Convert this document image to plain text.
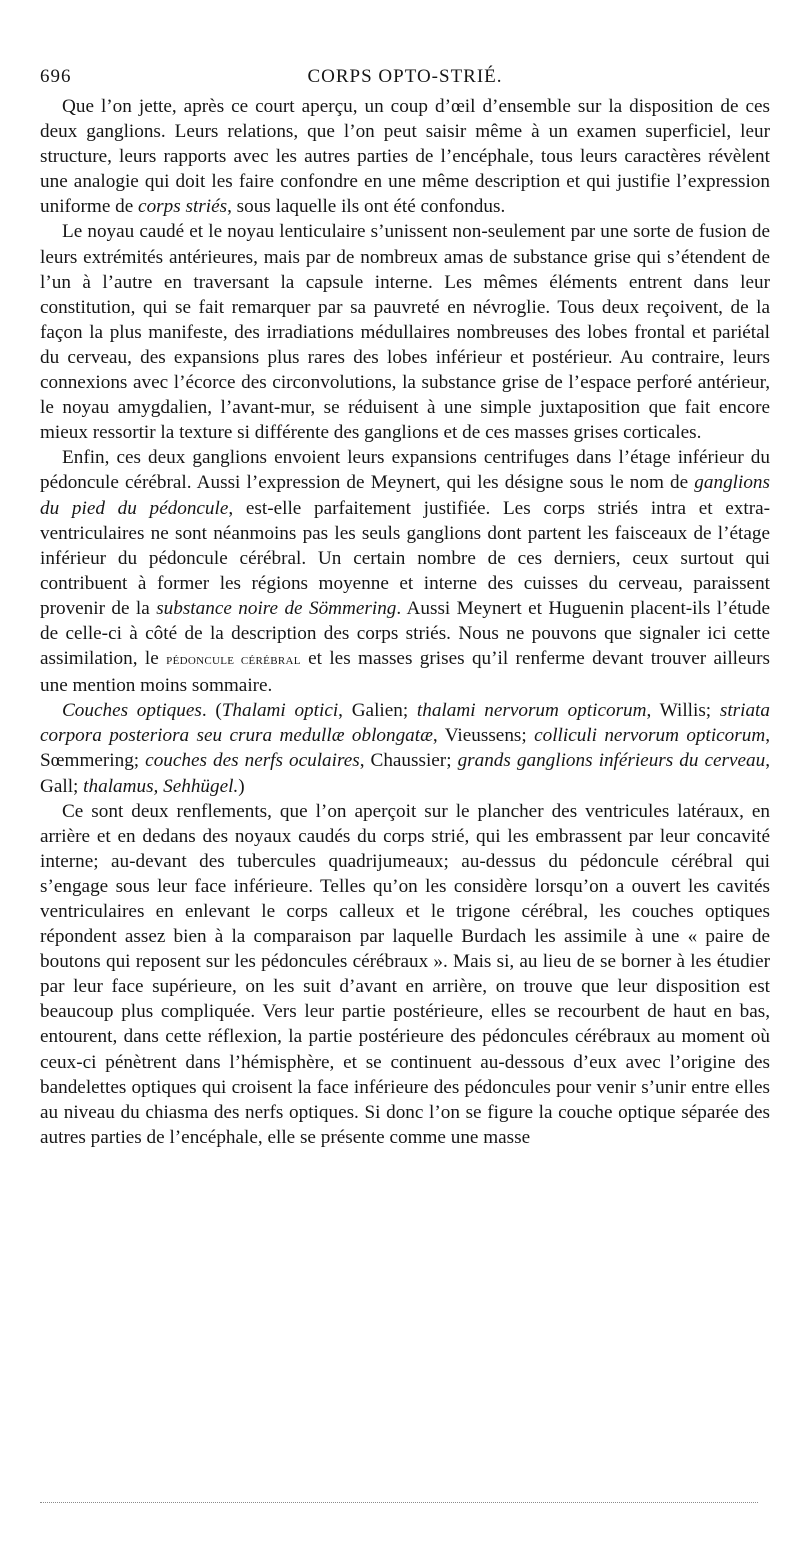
696	CORPS OPTO-STRIÉ.

Que l’on jette, après ce court aperçu, un coup d’œil d’ensemble sur la disposition de ces deux ganglions. Leurs relations, que l’on peut saisir même à un examen superficiel, leur structure, leurs rapports avec les autres parties de l’encéphale, tous leurs caractères révèlent une analogie qui doit les faire confondre en une même description et qui justifie l’expression uniforme de corps striés, sous laquelle ils ont été confondus.

Le noyau caudé et le noyau lenticulaire s’unissent non-seulement par une sorte de fusion de leurs extrémités antérieures, mais par de nombreux amas de substance grise qui s’étendent de l’un à l’autre en traversant la capsule interne. Les mêmes éléments entrent dans leur constitution, qui se fait remarquer par sa pauvreté en névroglie. Tous deux reçoivent, de la façon la plus manifeste, des irradiations médullaires nombreuses des lobes frontal et pariétal du cerveau, des expansions plus rares des lobes inférieur et postérieur. Au contraire, leurs connexions avec l’écorce des circonvolutions, la substance grise de l’espace perforé antérieur, le noyau amygdalien, l’avant-mur, se réduisent à une simple juxtaposition que fait encore mieux ressortir la texture si différente des ganglions et de ces masses grises corticales.

Enfin, ces deux ganglions envoient leurs expansions centrifuges dans l’étage inférieur du pédoncule cérébral. Aussi l’expression de Meynert, qui les désigne sous le nom de ganglions du pied du pédoncule, est-elle parfaitement justifiée. Les corps striés intra et extra-ventriculaires ne sont néanmoins pas les seuls ganglions dont partent les faisceaux de l’étage inférieur du pédoncule cérébral. Un certain nombre de ces derniers, ceux surtout qui contribuent à former les régions moyenne et interne des cuisses du cerveau, paraissent provenir de la substance noire de Sömmering. Aussi Meynert et Huguenin placent-ils l’étude de celle-ci à côté de la description des corps striés. Nous ne pouvons que signaler ici cette assimilation, le pédoncule cérébral et les masses grises qu’il renferme devant trouver ailleurs une mention moins sommaire.

Couches optiques. (Thalami optici, Galien; thalami nervorum opticorum, Willis; striata corpora posteriora seu crura medullæ oblongatæ, Vieussens; colliculi nervorum opticorum, Sœmmering; couches des nerfs oculaires, Chaussier; grands ganglions inférieurs du cerveau, Gall; thalamus, Sehhügel.)

Ce sont deux renflements, que l’on aperçoit sur le plancher des ventricules latéraux, en arrière et en dedans des noyaux caudés du corps strié, qui les embrassent par leur concavité interne; au-devant des tubercules quadrijumeaux; au-dessus du pédoncule cérébral qui s’engage sous leur face inférieure. Telles qu’on les considère lorsqu’on a ouvert les cavités ventriculaires en enlevant le corps calleux et le trigone cérébral, les couches optiques répondent assez bien à la comparaison par laquelle Burdach les assimile à une « paire de boutons qui reposent sur les pédoncules cérébraux ». Mais si, au lieu de se borner à les étudier par leur face supérieure, on les suit d’avant en arrière, on trouve que leur disposition est beaucoup plus compliquée. Vers leur partie postérieure, elles se recourbent de haut en bas, entourent, dans cette réflexion, la partie postérieure des pédoncules cérébraux au moment où ceux-ci pénètrent dans l’hémisphère, et se continuent au-dessous d’eux avec l’origine des bandelettes optiques qui croisent la face inférieure des pédoncules pour venir s’unir entre elles au niveau du chiasma des nerfs optiques. Si donc l’on se figure la couche optique séparée des autres parties de l’encéphale, elle se présente comme une masse
